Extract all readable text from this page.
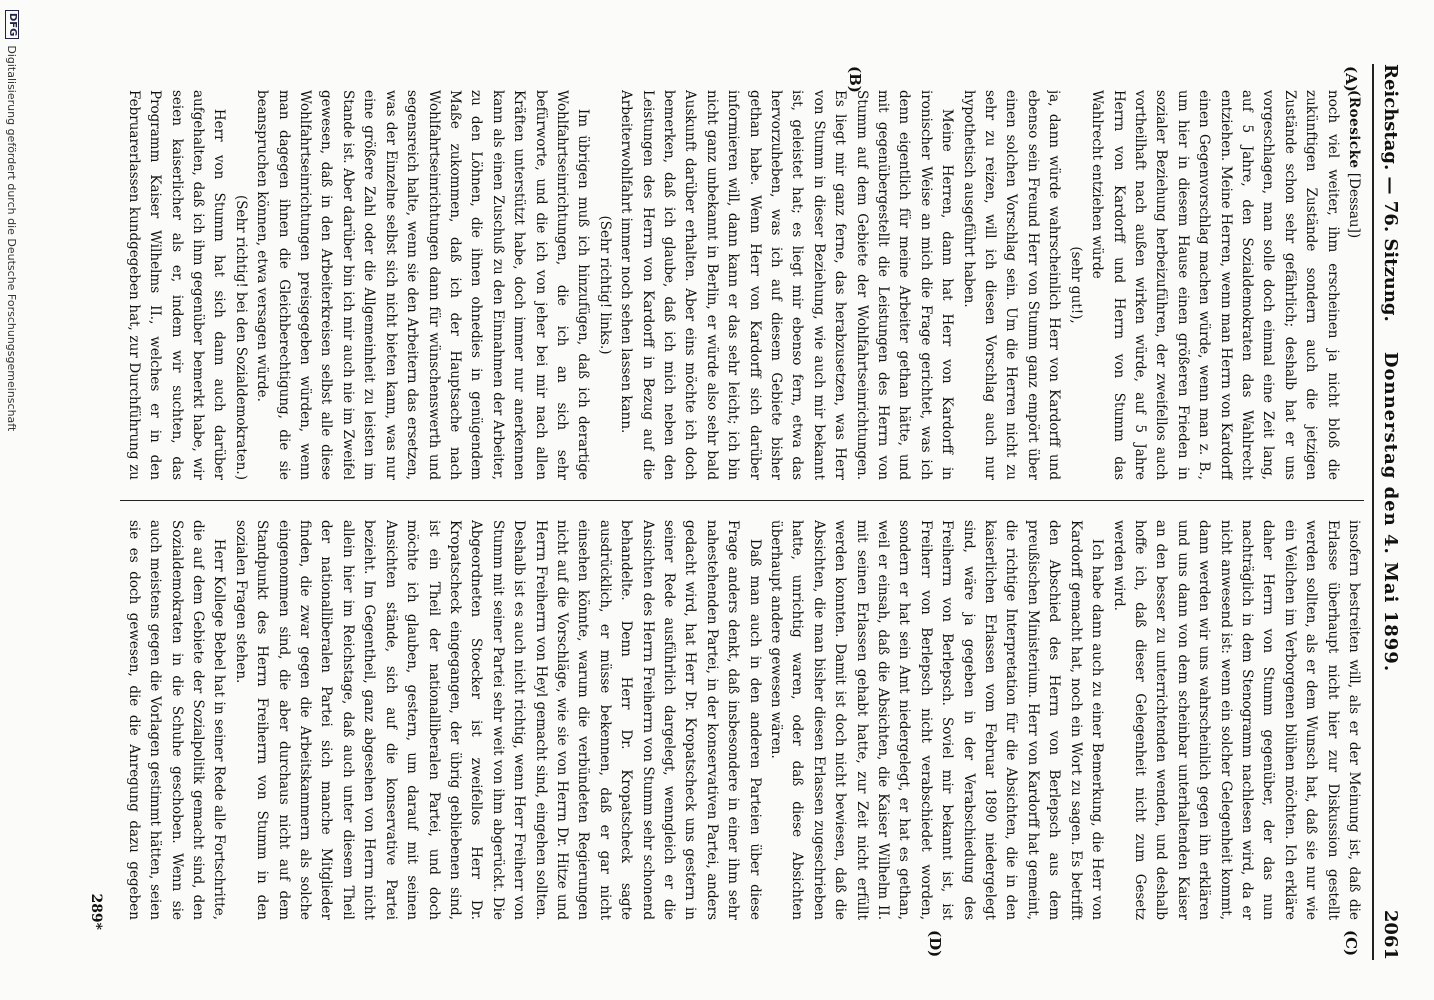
Reichstag. — 76. Sitzung.
Donnerstag den 4. Mai 1899.
2061
(A)
(B)
(C)
(D)

(Roesicke [Dessau])

noch viel weiter, ihm erscheinen ja nicht bloß die zukünftigen Zustände sondern auch die jetzigen Zustände schon sehr gefährlich; deshalb hat er uns vorgeschlagen, man solle doch einmal eine Zeit lang, auf 5 Jahre, den Sozialdemokraten das Wahlrecht entziehen. Meine Herren, wenn man Herrn von Kardorff einen Gegenvorschlag machen würde, wenn man z. B., um hier in diesem Hause einen größeren Frieden in sozialer Beziehung herbeizuführen, der zweifellos auch vortheilhaft nach außen wirken würde, auf 5 Jahre Herrn von Kardorff und Herrn von Stumm das Wahlrecht entziehen würde

(sehr gut!),

ja, dann würde wahrscheinlich Herr von Kardorff und ebenso sein Freund Herr von Stumm ganz empört über einen solchen Vorschlag sein. Um die Herren nicht zu sehr zu reizen, will ich diesen Vorschlag auch nur hypothetisch ausgeführt haben.

Meine Herren, dann hat Herr von Kardorff in ironischer Weise an mich die Frage gerichtet, was ich denn eigentlich für meine Arbeiter gethan hätte, und mit gegenübergestellt die Leistungen des Herrn von Stumm auf dem Gebiete der Wohlfahrtseinrichtungen. Es liegt mir ganz ferne, das herabzusetzen, was Herr von Stumm in dieser Beziehung, wie auch mir bekannt ist, geleistet hat; es liegt mir ebenso fern, etwa das hervorzuheben, was ich auf diesem Gebiete bisher gethan habe. Wenn Herr von Kardorff sich darüber informieren will, dann kann er das sehr leicht; ich bin nicht ganz unbekannt in Berlin, er würde also sehr bald Auskunft darüber erhalten. Aber eins möchte ich doch bemerken, daß ich glaube, daß ich mich neben den Leistungen des Herrn von Kardorff in Bezug auf die Arbeiterwohlfahrt immer noch sehen lassen kann.

(Sehr richtig! links.)

Im übrigen muß ich hinzufügen, daß ich derartige Wohlfahrtseinrichtungen, die ich an sich sehr befürworte, und die ich von jeher bei mir nach allen Kräften unterstützt habe, doch immer nur anerkennen kann als einen Zuschuß zu den Einnahmen der Arbeiter, zu den Löhnen, die ihnen ohnedies in genügendem Maße zukommen, daß ich der Hauptsache nach Wohlfahrtseinrichtungen dann für wünschenswerth und segensreich halte, wenn sie den Arbeitern das ersetzen, was der Einzelne selbst sich nicht bieten kann, was nur eine größere Zahl oder die Allgemeinheit zu leisten im Stande ist. Aber darüber bin ich mir auch nie im Zweifel gewesen, daß in den Arbeiterkreisen selbst alle diese Wohlfahrtseinrichtungen preisgegeben würden, wenn man dagegen ihnen die Gleichberechtigung, die sie beanspruchen können, etwa versagen würde.

(Sehr richtig! bei den Sozialdemokraten.)

Herr von Stumm hat sich dann auch darüber aufgehalten, daß ich ihm gegenüber bemerkt habe, wir seien kaiserlicher als er, indem wir suchten, das Programm Kaiser Wilhelms II., welches er in den Februarerlassen kundgegeben hat, zur Durchführung zu

insofern bestreiten will, als er der Meinung ist, daß die Erlasse überhaupt nicht hier zur Diskussion gestellt werden sollten, als er dem Wunsch hat, daß sie nur wie ein Veilchen im Verborgenen blühen möchten. Ich erkläre daher Herrn von Stumm gegenüber, der das nun nachträglich in dem Stenogramm nachlesen wird, da er nicht anwesend ist: wenn ein solcher Gelegenheit kommt, dann werden wir uns wahrscheinlich gegen ihn erklären und uns dann von dem scheinbar unterhaltenden Kaiser an den besser zu unterrichtenden wenden, und deshalb hoffe ich, daß dieser Gelegenheit nicht zum Gesetz werden wird.

Ich habe dann auch zu einer Bemerkung, die Herr von Kardorff gemacht hat, noch ein Wort zu sagen. Es betrifft den Abschied des Herrn von Berlepsch aus dem preußischen Ministerium. Herr von Kardorff hat gemeint, die richtige Interpretation für die Absichten, die in den kaiserlichen Erlassen vom Februar 1890 niedergelegt sind, wäre ja gegeben in der Verabschiedung des Freiherrn von Berlepsch. Soviel mir bekannt ist, ist Freiherr von Berlepsch nicht verabschiedet worden, sondern er hat sein Amt niedergelegt, er hat es gethan, weil er einsah, daß die Absichten, die Kaiser Wilhelm II. mit seinen Erlassen gehabt hatte, zur Zeit nicht erfüllt werden konnten. Damit ist doch nicht bewiesen, daß die Absichten, die man bisher diesen Erlassen zugeschrieben hatte, unrichtig waren, oder daß diese Absichten überhaupt andere gewesen wären.

Daß man auch in den anderen Parteien über diese Frage anders denkt, daß insbesondere in einer ihm sehr nahestehenden Partei, in der konservativen Partei, anders gedacht wird, hat Herr Dr. Kropatscheck uns gestern in seiner Rede ausführlich dargelegt, wenngleich er die Ansichten des Herrn Freiherrn von Stumm sehr schonend behandelte. Denn Herr Dr. Kropatscheck sagte ausdrücklich, er müsse bekennen, daß er gar nicht einsehen könnte, warum die verbündeten Regierungen nicht auf die Vorschläge, wie sie von Herrn Dr. Hitze und Herrn Freiherrn von Heyl gemacht sind, eingehen sollten. Deshalb ist es auch nicht richtig, wenn Herr Freiherr von Stumm mit seiner Partei sehr weit von ihm abgerückt. Die Abgeordneten Stoecker ist zweifellos Herr Dr. Kropatscheck eingegangen, der übrig gebliebenen sind, ist ein Theil der nationalliberalen Partei, und doch möchte ich glauben, gestern, um darauf mit seinen Ansichten stände, sich auf die konservative Partei bezieht. Im Gegentheil, ganz abgesehen von Herrn nicht allein hier im Reichstage, daß auch unter diesem Theil der nationalliberalen Partei sich manche Mitglieder finden, die zwar gegen die Arbeitskammern als solche eingenommen sind, die aber durchaus nicht auf dem Standpunkt des Herrn Freiherrn von Stumm in den sozialen Fragen stehen.

Herr Kollege Bebel hat in seiner Rede alle Fortschritte, die auf dem Gebiete der Sozialpolitik gemacht sind, den Sozialdemokraten in die Schuhe geschoben. Wenn sie auch meistens gegen die Vorlagen gestimmt hätten, seien sie es doch gewesen, die die Anregung dazu gegeben

289*
DFG
Digitalisierung gefördert durch die Deutsche Forschungsgemeinschaft
